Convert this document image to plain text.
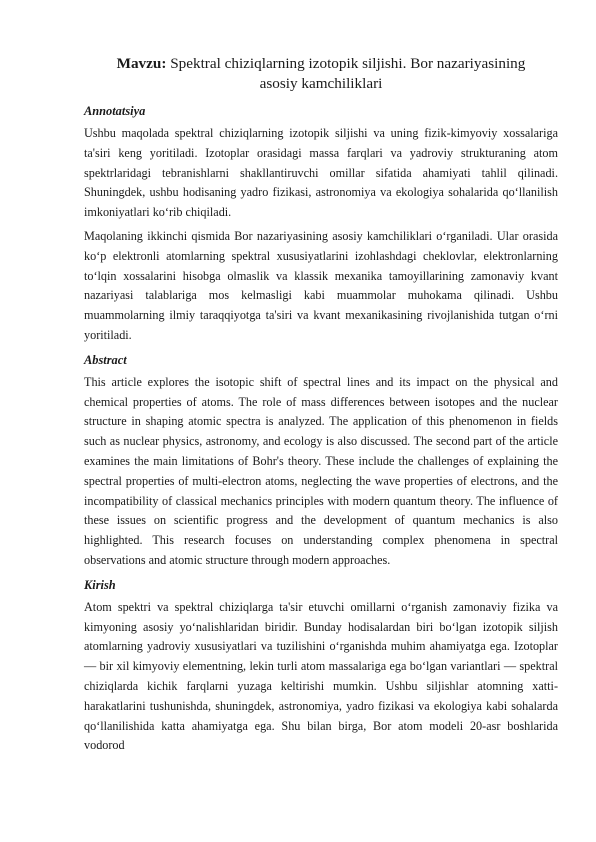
Mavzu: Spektral chiziqlarning izotopik siljishi. Bor nazariyasining asosiy kamchiliklari
Annotatsiya

Ushbu maqolada spektral chiziqlarning izotopik siljishi va uning fizik-kimyoviy xossalariga ta'siri keng yoritiladi. Izotoplar orasidagi massa farqlari va yadroviy strukturaning atom spektrlaridagi tebranishlarni shakllantiruvchi omillar sifatida ahamiyati tahlil qilinadi. Shuningdek, ushbu hodisaning yadro fizikasi, astronomiya va ekologiya sohalarida qo‘llanilish imkoniyatlari ko‘rib chiqiladi.

Maqolaning ikkinchi qismida Bor nazariyasining asosiy kamchiliklari o‘rganiladi. Ular orasida ko‘p elektronli atomlarning spektral xususiyatlarini izohlashdagi cheklovlar, elektronlarning to‘lqin xossalarini hisobga olmaslik va klassik mexanika tamoyillarining zamonaviy kvant nazariyasi talablariga mos kelmasligi kabi muammolar muhokama qilinadi. Ushbu muammolarning ilmiy taraqqiyotga ta'siri va kvant mexanikasining rivojlanishida tutgan o‘rni yoritiladi.

Abstract

This article explores the isotopic shift of spectral lines and its impact on the physical and chemical properties of atoms. The role of mass differences between isotopes and the nuclear structure in shaping atomic spectra is analyzed. The application of this phenomenon in fields such as nuclear physics, astronomy, and ecology is also discussed. The second part of the article examines the main limitations of Bohr's theory. These include the challenges of explaining the spectral properties of multi-electron atoms, neglecting the wave properties of electrons, and the incompatibility of classical mechanics principles with modern quantum theory. The influence of these issues on scientific progress and the development of quantum mechanics is also highlighted. This research focuses on understanding complex phenomena in spectral observations and atomic structure through modern approaches.

Kirish

Atom spektri va spektral chiziqlarga ta'sir etuvchi omillarni o‘rganish zamonaviy fizika va kimyoning asosiy yo‘nalishlaridan biridir. Bunday hodisalardan biri bo‘lgan izotopik siljish atomlarning yadroviy xususiyatlari va tuzilishini o‘rganishda muhim ahamiyatga ega. Izotoplar — bir xil kimyoviy elementning, lekin turli atom massalariga ega bo‘lgan variantlari — spektral chiziqlarda kichik farqlarni yuzaga keltirishi mumkin. Ushbu siljishlar atomning xatti-harakatlarini tushunishda, shuningdek, astronomiya, yadro fizikasi va ekologiya kabi sohalarda qo‘llanilishida katta ahamiyatga ega. Shu bilan birga, Bor atom modeli 20-asr boshlarida vodorod
